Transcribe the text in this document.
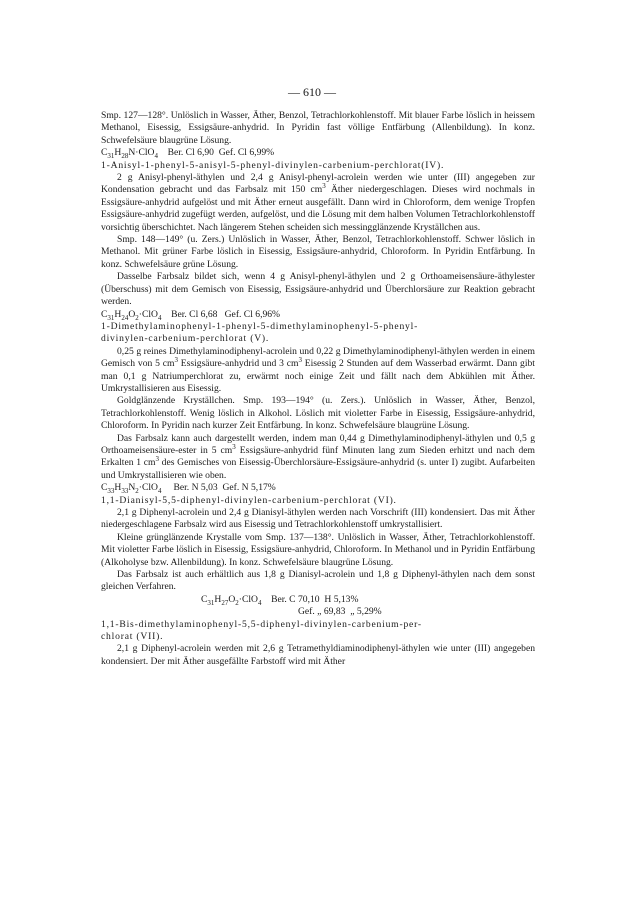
— 610 —

Smp. 127—128°. Unlöslich in Wasser, Äther, Benzol, Tetrachlorkohlenstoff. Mit blauer Farbe löslich in heissem Methanol, Eisessig, Essigsäure-anhydrid. In Pyridin fast völlige Entfärbung (Allenbildung). In konz. Schwefelsäure blaugrüne Lösung.

$C_{31}H_{28}N\cdot ClO_4$    Ber. Cl 6,90  Gef. Cl 6,99%

1-Anisyl-1-phenyl-5-anisyl-5-phenyl-divinylen-carbenium-perchlorat(IV).

2 g Anisyl-phenyl-äthylen und 2,4 g Anisyl-phenyl-acrolein werden wie unter (III) angegeben zur Kondensation gebracht und das Farbsalz mit 150 $cm^3$ Äther niedergeschlagen. Dieses wird nochmals in Essigsäure-anhydrid aufgelöst und mit Äther erneut ausgefällt. Dann wird in Chloroform, dem wenige Tropfen Essigsäure-anhydrid zugefügt werden, aufgelöst, und die Lösung mit dem halben Volumen Tetrachlorkohlenstoff vorsichtig überschichtet. Nach längerem Stehen scheiden sich messingglänzende Kryställchen aus.

Smp. 148—149° (u. Zers.) Unlöslich in Wasser, Äther, Benzol, Tetrachlorkohlenstoff. Schwer löslich in Methanol. Mit grüner Farbe löslich in Eisessig, Essigsäure-anhydrid, Chloroform. In Pyridin Entfärbung. In konz. Schwefelsäure grüne Lösung.

Dasselbe Farbsalz bildet sich, wenn 4 g Anisyl-phenyl-äthylen und 2 g Orthoameisensäure-äthylester (Überschuss) mit dem Gemisch von Eisessig, Essigsäure-anhydrid und Überchlorsäure zur Reaktion gebracht werden.

$C_{31}H_{24}O_2\cdot ClO_4$    Ber. Cl 6,68   Gef. Cl 6,96%

1-Dimethylaminophenyl-1-phenyl-5-dimethylaminophenyl-5-phenyl-
divinylen-carbenium-perchlorat (V).

0,25 g reines Dimethylaminodiphenyl-acrolein und 0,22 g Dimethylaminodiphenyl-äthylen werden in einem Gemisch von 5 $cm^3$ Essigsäure-anhydrid und 3 $cm^3$ Eisessig 2 Stunden auf dem Wasserbad erwärmt. Dann gibt man 0,1 g Natriumperchlorat zu, erwärmt noch einige Zeit und fällt nach dem Abkühlen mit Äther. Umkrystallisieren aus Eisessig.

Goldglänzende Kryställchen. Smp. 193—194° (u. Zers.). Unlöslich in Wasser, Äther, Benzol, Tetrachlorkohlenstoff. Wenig löslich in Alkohol. Löslich mit violetter Farbe in Eisessig, Essigsäure-anhydrid, Chloroform. In Pyridin nach kurzer Zeit Entfärbung. In konz. Schwefelsäure blaugrüne Lösung.

Das Farbsalz kann auch dargestellt werden, indem man 0,44 g Dimethylaminodiphenyl-äthylen und 0,5 g Orthoameisensäure-ester in 5 $cm^3$ Essigsäure-anhydrid fünf Minuten lang zum Sieden erhitzt und nach dem Erkalten 1 $cm^3$ des Gemisches von Eisessig-Überchlorsäure-Essigsäure-anhydrid (s. unter I) zugibt. Aufarbeiten und Umkrystallisieren wie oben.

$C_{33}H_{33}N_2\cdot ClO_4$     Ber. N 5,03  Gef. N 5,17%

1,1-Dianisyl-5,5-diphenyl-divinylen-carbenium-perchlorat (VI).

2,1 g Diphenyl-acrolein und 2,4 g Dianisyl-äthylen werden nach Vorschrift (III) kondensiert. Das mit Äther niedergeschlagene Farbsalz wird aus Eisessig und Tetrachlorkohlenstoff umkrystallisiert.

Kleine grünglänzende Krystalle vom Smp. 137—138°. Unlöslich in Wasser, Äther, Tetrachlorkohlenstoff. Mit violetter Farbe löslich in Eisessig, Essigsäure-anhydrid, Chloroform. In Methanol und in Pyridin Entfärbung (Alkoholyse bzw. Allenbildung). In konz. Schwefelsäure blaugrüne Lösung.

Das Farbsalz ist auch erhältlich aus 1,8 g Dianisyl-acrolein und 1,8 g Diphenyl-äthylen nach dem sonst gleichen Verfahren.

$C_{31}H_{27}O_2\cdot ClO_4$    Ber. C 70,10  H 5,13%
Gef. „ 69,83  „ 5,29%

1,1-Bis-dimethylaminophenyl-5,5-diphenyl-divinylen-carbenium-per-
chlorat (VII).

2,1 g Diphenyl-acrolein werden mit 2,6 g Tetramethyldiaminodiphenyl-äthylen wie unter (III) angegeben kondensiert. Der mit Äther ausgefällte Farbstoff wird mit Äther
